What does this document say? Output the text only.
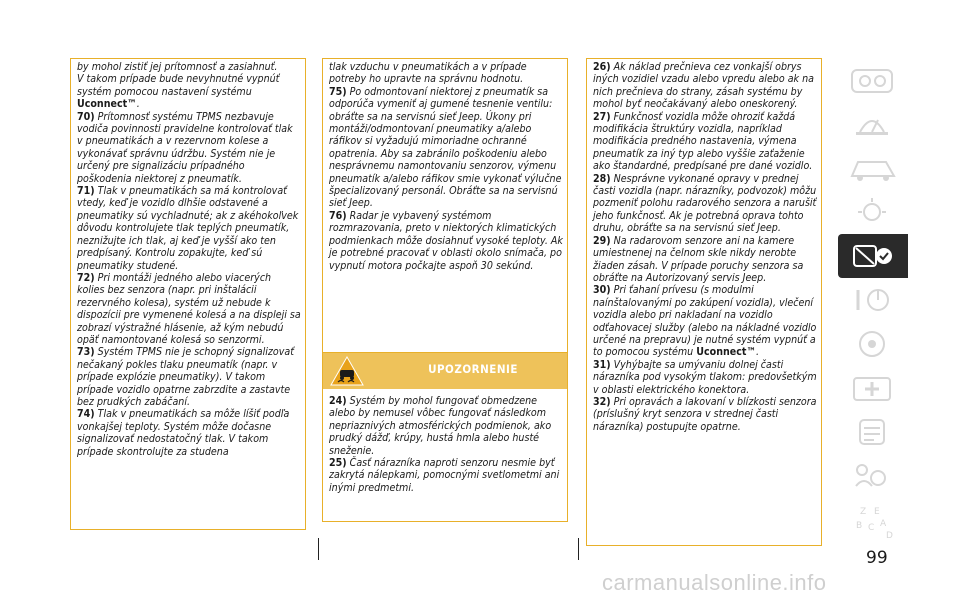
by mohol zistiť jej prítomnosť a zasiahnuť.
V takom prípade bude nevyhnutné vypnúť
systém pomocou nastavení systému
Uconnect™.

70) Prítomnosť systému TPMS nezbavuje vodiča povinnosti pravidelne kontrolovať tlak v pneumatikách a v rezervnom kolese a vykonávať správnu údržbu. Systém nie je určený pre signalizáciu prípadného poškodenia niektorej z pneumatík.

71) Tlak v pneumatikách sa má kontrolovať vtedy, keď je vozidlo dlhšie odstavené a pneumatiky sú vychladnuté; ak z akéhokoľvek dôvodu kontrolujete tlak teplých pneumatík, neznižujte ich tlak, aj keď je vyšší ako ten predpísaný. Kontrolu zopakujte, keď sú pneumatiky studené.

72) Pri montáži jedného alebo viacerých kolies bez senzora (napr. pri inštalácii rezervného kolesa), systém už nebude k dispozícii pre vymenené kolesá a na displeji sa zobrazí výstražné hlásenie, až kým nebudú opäť namontované kolesá so senzormi.

73) Systém TPMS nie je schopný signalizovať nečakaný pokles tlaku pneumatík (napr. v prípade explózie pneumatiky). V takom prípade vozidlo opatrne zabrzdite a zastavte bez prudkých zabáčaní.

74) Tlak v pneumatikách sa môže líšiť podľa vonkajšej teploty. Systém môže dočasne signalizovať nedostatočný tlak. V takom prípade skontrolujte za studena

tlak vzduchu v pneumatikách a v prípade potreby ho upravte na správnu hodnotu.

75) Po odmontovaní niektorej z pneumatík sa odporúča vymeniť aj gumené tesnenie ventilu: obráťte sa na servisnú sieť Jeep. Úkony pri montáži/odmontovaní pneumatiky a/alebo ráfikov si vyžadujú mimoriadne ochranné opatrenia. Aby sa zabránilo poškodeniu alebo nesprávnemu namontovaniu senzorov, výmenu pneumatík a/alebo ráfikov smie vykonať výlučne špecializovaný personál. Obráťte sa na servisnú sieť Jeep.

76) Radar je vybavený systémom rozmrazovania, preto v niektorých klimatických podmienkach môže dosiahnuť vysoké teploty. Ak je potrebné pracovať v oblasti okolo snímača, po vypnutí motora počkajte aspoň 30 sekúnd.

UPOZORNENIE

24) Systém by mohol fungovať obmedzene alebo by nemusel vôbec fungovať následkom nepriaznivých atmosférických podmienok, ako prudký dážď, krúpy, hustá hmla alebo husté sneženie.

25) Časť nárazníka naproti senzoru nesmie byť zakrytá nálepkami, pomocnými svetlometmi ani inými predmetmi.

26) Ak náklad prečnieva cez vonkajší obrys iných vozidiel vzadu alebo vpredu alebo ak na nich prečnieva do strany, zásah systému by mohol byť neočakávaný alebo oneskorený.

27) Funkčnosť vozidla môže ohroziť každá modifikácia štruktúry vozidla, napríklad modifikácia predného nastavenia, výmena pneumatík za iný typ alebo vyššie zaťaženie ako štandardné, predpísané pre dané vozidlo.

28) Nesprávne vykonané opravy v prednej časti vozidla (napr. nárazníky, podvozok) môžu pozmeniť polohu radarového senzora a narušiť jeho funkčnosť. Ak je potrebná oprava tohto druhu, obráťte sa na servisnú sieť Jeep.

29) Na radarovom senzore ani na kamere umiestnenej na čelnom skle nikdy nerobte žiaden zásah. V prípade poruchy senzora sa obráťte na Autorizovaný servis Jeep.

30) Pri ťahaní prívesu (s modulmi naínštalovanými po zakúpení vozidla), vlečení vozidla alebo pri nakladaní na vozidlo odťahovacej služby (alebo na nákladné vozidlo určené na prepravu) je nutné systém vypnúť a to pomocou systému Uconnect™.

31) Vyhýbajte sa umývaniu dolnej časti nárazníka pod vysokým tlakom: predovšetkým v oblasti elektrického konektora.

32) Pri opravách a lakovaní v blízkosti senzora (príslušný kryt senzora v strednej časti nárazníka) postupujte opatrne.

Z E
B C A
D
99
carmanualsonline.info
